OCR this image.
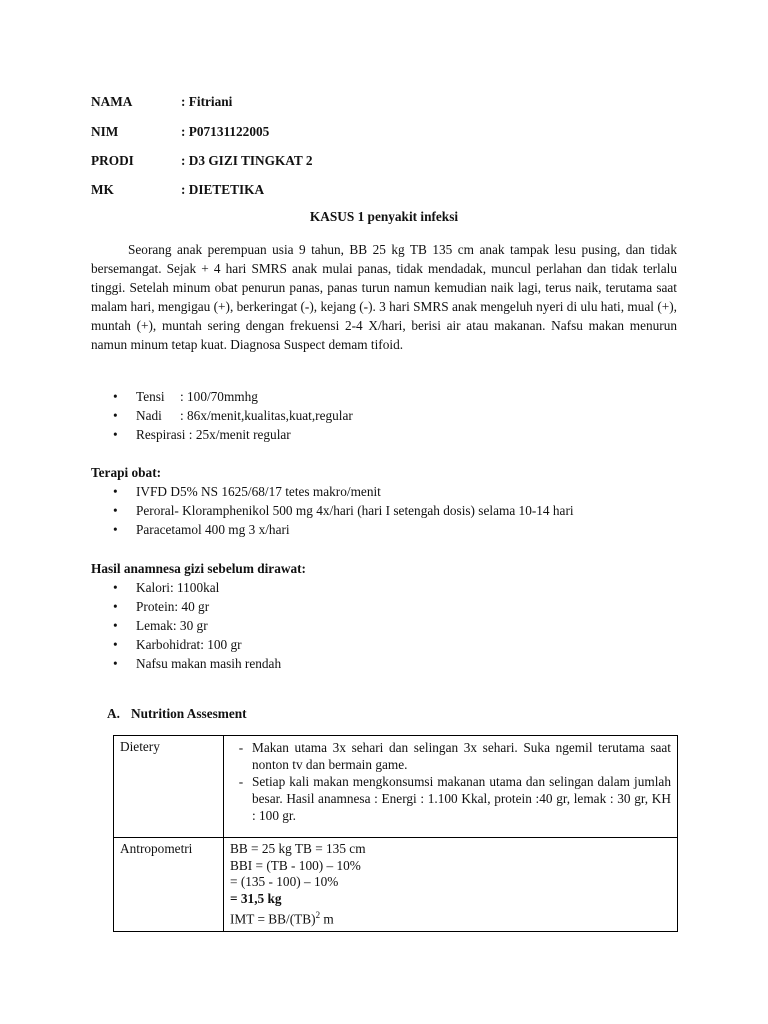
NAMA	: Fitriani
NIM	: P07131122005
PRODI	: D3 GIZI TINGKAT 2
MK	: DIETETIKA
KASUS 1 penyakit infeksi

Seorang anak perempuan usia 9 tahun, BB 25 kg TB 135 cm anak tampak lesu pusing, dan tidak bersemangat. Sejak + 4 hari SMRS anak mulai panas, tidak mendadak, muncul perlahan dan tidak terlalu tinggi. Setelah minum obat penurun panas, panas turun namun kemudian naik lagi, terus naik, terutama saat malam hari, mengigau (+), berkeringat (-), kejang (-). 3 hari SMRS anak mengeluh nyeri di ulu hati, mual (+), muntah (+), muntah sering dengan frekuensi 2-4 X/hari, berisi air atau makanan. Nafsu makan menurun namun minum tetap kuat. Diagnosa Suspect demam tifoid.

• Tensi : 100/70mmhg
• Nadi : 86x/menit,kualitas,kuat,regular
• Respirasi : 25x/menit regular
Terapi obat:
• IVFD D5% NS 1625/68/17 tetes makro/menit
• Peroral- Kloramphenikol 500 mg 4x/hari (hari I setengah dosis) selama 10-14 hari
• Paracetamol 400 mg 3 x/hari
Hasil anamnesa gizi sebelum dirawat:
• Kalori: 1100kal
• Protein: 40 gr
• Lemak: 30 gr
• Karbohidrat: 100 gr
• Nafsu makan masih rendah
A. Nutrition Assesment
Dietery	- Makan utama 3x sehari dan selingan 3x sehari. Suka ngemil terutama saat nonton tv dan bermain game.
- Setiap kali makan mengkonsumsi makanan utama dan selingan dalam jumlah besar. Hasil anamnesa : Energi : 1.100 Kkal, protein :40 gr, lemak : 30 gr, KH : 100 gr.

Antropometri	BB = 25 kg TB = 135 cm
BBI = (TB - 100) – 10%
= (135 - 100) – 10%
= 31,5 kg
IMT = BB/(TB)$^2$ m
